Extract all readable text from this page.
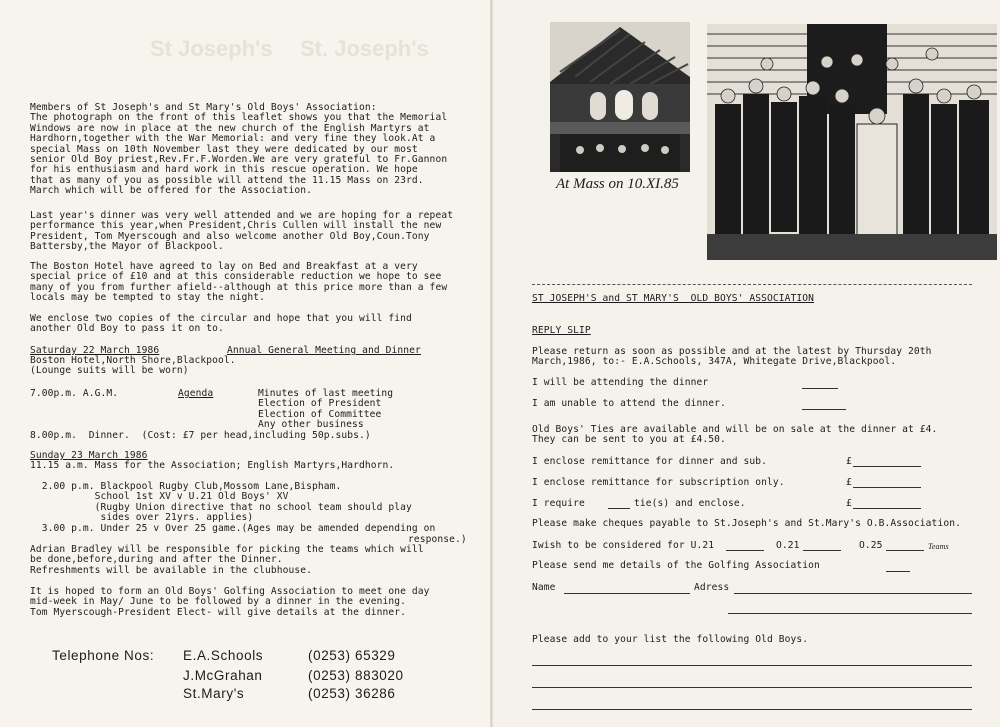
St Joseph's St. Joseph's
Members of St Joseph's and St Mary's Old Boys' Association:
The photograph on the front of this leaflet shows you that the Memorial
Windows are now in place at the new church of the English Martyrs at
Hardhorn,together with the War Memorial: and very fine they look.At a
special Mass on 10th November last they were dedicated by our most
senior Old Boy priest,Rev.Fr.F.Worden.We are very grateful to Fr.Gannon
for his enthusiasm and hard work in this rescue operation. We hope
that as many of you as possible will attend the 11.15 Mass on 23rd.
March which will be offered for the Association.
Last year's dinner was very well attended and we are hoping for a repeat
performance this year,when President,Chris Cullen will install the new
President, Tom Myerscough and also welcome another Old Boy,Coun.Tony
Battersby,the Mayor of Blackpool.
The Boston Hotel have agreed to lay on Bed and Breakfast at a very
special price of £10 and at this considerable reduction we hope to see
many of you from further afield--although at this price more than a few
locals may be tempted to stay the night.
We enclose two copies of the circular and hope that you will find
another Old Boy to pass it on to.
Saturday 22 March 1986	Annual General Meeting and Dinner
Boston Hotel,North Shore,Blackpool.
(Lounge suits will be worn)
7.00p.m. A.G.M.	Agenda	Minutes of last meeting
Election of President
Election of Committee
Any other business
8.00p.m.  Dinner.  (Cost: £7 per head,including 50p.subs.)
Sunday 23 March 1986
11.15 a.m. Mass for the Association; English Martyrs,Hardhorn.
2.00 p.m. Blackpool Rugby Club,Mossom Lane,Bispham.
School 1st XV v U.21 Old Boys' XV
(Rugby Union directive that no school team should play
sides over 21yrs. applies)
3.00 p.m. Under 25 v Over 25 game.(Ages may be amended depending on
response.)
Adrian Bradley will be responsible for picking the teams which will
be done,before,during and after the Dinner.
Refreshments will be available in the clubhouse.
It is hoped to form an Old Boys' Golfing Association to meet one day
mid-week in May/ June to be followed by a dinner in the evening.
Tom Myerscough-President Elect- will give details at the dinner.
Telephone Nos: E.A.Schools	(0253) 65329
J.McGrahan	(0253) 883020
St.Mary's	(0253) 36286
At Mass on 10.XI.85
ST JOSEPH'S and ST MARY'S  OLD BOYS' ASSOCIATION
REPLY SLIP
Please return as soon as possible and at the latest by Thursday 20th
March,1986, to:- E.A.Schools, 347A, Whitegate Drive,Blackpool.
I will be attending the dinner
I am unable to attend the dinner.
Old Boys' Ties are available and will be on sale at the dinner at £4.
They can be sent to you at £4.50.
I enclose remittance for dinner and sub.	£
I enclose remittance for subscription only.	£
I require	tie(s) and enclose.	£
Please make cheques payable to St.Joseph's and St.Mary's O.B.Association.
Iwish to be considered for U.21	O.21	O.25	Teams
Please send me details of the Golfing Association
Name	Adress
Please add to your list the following Old Boys.
